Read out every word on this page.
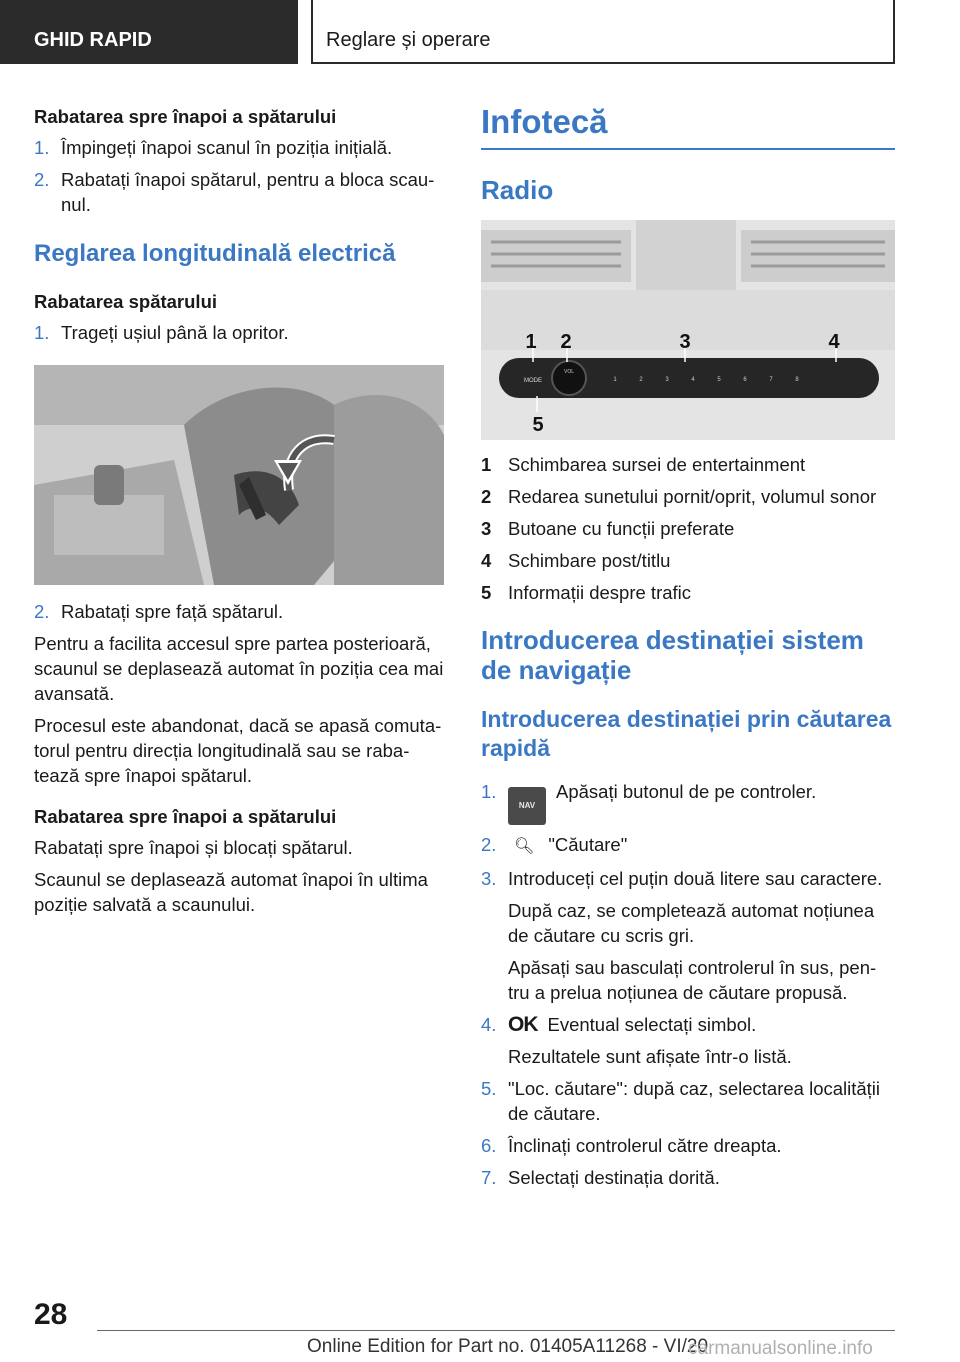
GHID RAPID	Reglare și operare
Rabatarea spre înapoi a spătarului
1. Împingeți înapoi scanul în poziția inițială.
2. Rabatați înapoi spătarul, pentru a bloca scau-nul.
Reglarea longitudinală electrică
Rabatarea spătarului
1. Trageți ușiul până la opritor.
2. Rabatați spre față spătarul.
Pentru a facilita accesul spre partea posterioară, scaunul se deplasează automat în poziția cea mai avansată.
Procesul este abandonat, dacă se apasă comuta-torul pentru direcția longitudinală sau se raba-tează spre înapoi spătarul.
Rabatarea spre înapoi a spătarului
Rabatați spre înapoi și blocați spătarul.
Scaunul se deplasează automat înapoi în ultima poziție salvată a scaunului.
Infotecă
Radio
MODE
VOL
1	2	3	4	5	6	7	8
1 2	3	4
5
1 Schimbarea sursei de entertainment
2 Redarea sunetului pornit/oprit, volumul sonor
3 Butoane cu funcții preferate
4 Schimbare post/titlu
5 Informații despre trafic
Introducerea destinației sistem de navigație
Introducerea destinației prin căutarea rapidă
1.
NAVApăsați butonul de pe controler.
2.	🔍︎ "Căutare"
3. Introduceți cel puțin două litere sau caractere.
După caz, se completează automat noțiunea de căutare cu scris gri.
Apăsați sau basculați controlerul în sus, pen-tru a prelua noțiunea de căutare propusă.
4. OK Eventual selectați simbol.
Rezultatele sunt afișate într-o listă.
5. "Loc. căutare": după caz, selectarea localității de căutare.
6. Înclinați controlerul către dreapta.
7. Selectați destinația dorită.
28
Online Edition for Part no. 01405A11268 - VI/20
carmanualsonline.info
